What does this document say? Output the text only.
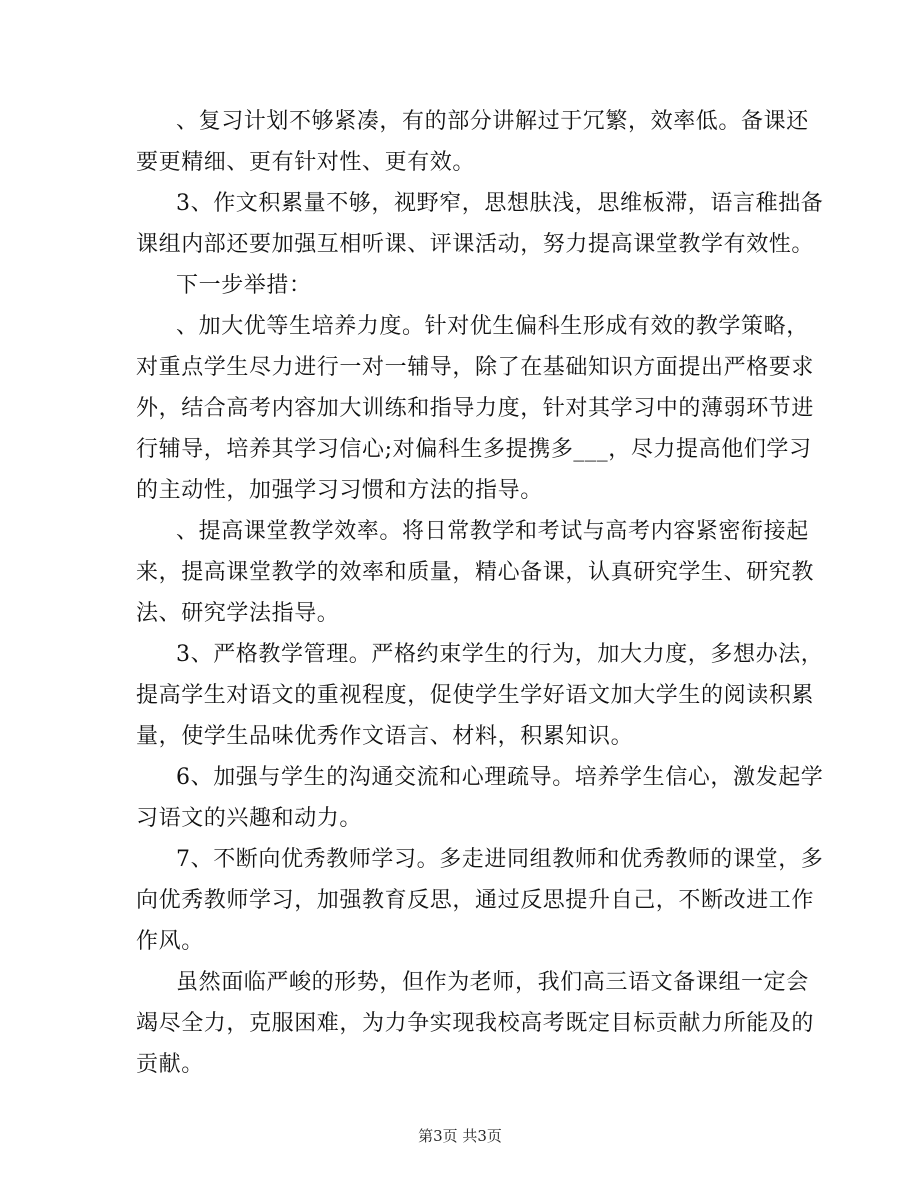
、复习计划不够紧凑，有的部分讲解过于冗繁，效率低。备课还
要更精细、更有针对性、更有效。
3、作文积累量不够，视野窄，思想肤浅，思维板滞，语言稚拙备
课组内部还要加强互相听课、评课活动，努力提高课堂教学有效性。
下一步举措：
、加大优等生培养力度。针对优生偏科生形成有效的教学策略，
对重点学生尽力进行一对一辅导，除了在基础知识方面提出严格要求
外，结合高考内容加大训练和指导力度，针对其学习中的薄弱环节进
行辅导，培养其学习信心;对偏科生多提携多___，尽力提高他们学习
的主动性，加强学习习惯和方法的指导。
、提高课堂教学效率。将日常教学和考试与高考内容紧密衔接起
来，提高课堂教学的效率和质量，精心备课，认真研究学生、研究教
法、研究学法指导。
3、严格教学管理。严格约束学生的行为，加大力度，多想办法，
提高学生对语文的重视程度，促使学生学好语文加大学生的阅读积累
量，使学生品味优秀作文语言、材料，积累知识。
6、加强与学生的沟通交流和心理疏导。培养学生信心，激发起学
习语文的兴趣和动力。
7、不断向优秀教师学习。多走进同组教师和优秀教师的课堂，多
向优秀教师学习，加强教育反思，通过反思提升自己，不断改进工作
作风。
虽然面临严峻的形势，但作为老师，我们高三语文备课组一定会
竭尽全力，克服困难，为力争实现我校高考既定目标贡献力所能及的
贡献。
第3页 共3页
